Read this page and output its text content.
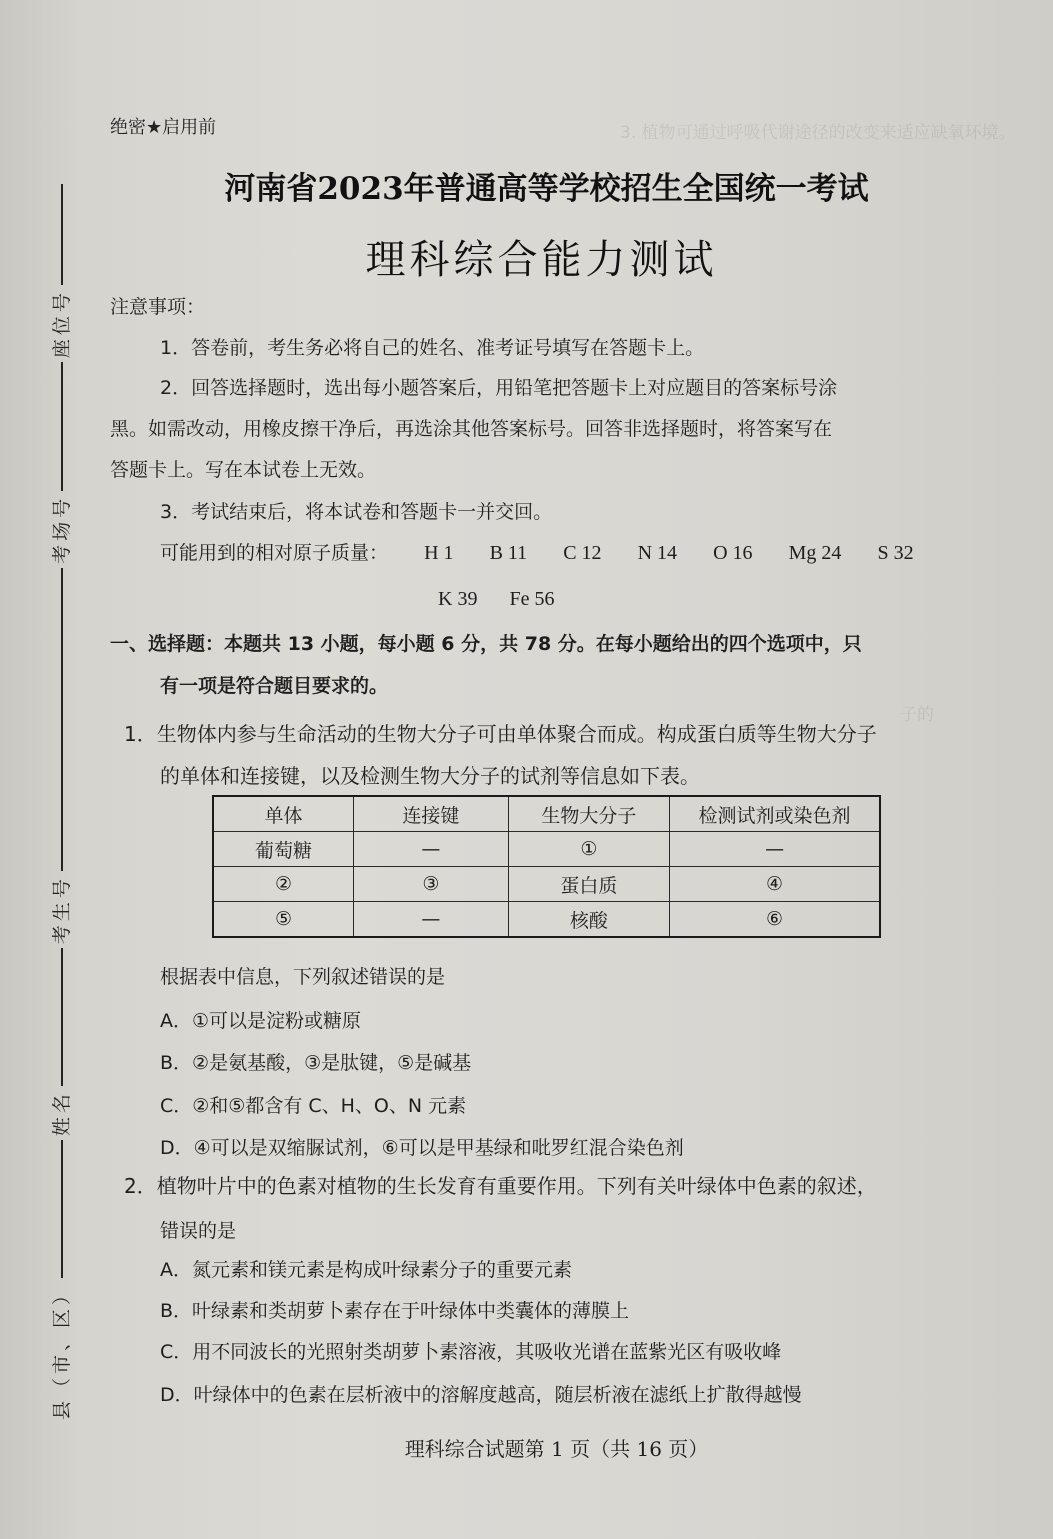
县（市、区）
姓名
考生号
考场号
座位号
3. 植物可通过呼吸代谢途径的改变来适应缺氧环境。
子的
绝密★启用前
河南省2023年普通高等学校招生全国统一考试
理科综合能力测试
注意事项：
1．答卷前，考生务必将自己的姓名、准考证号填写在答题卡上。
2．回答选择题时，选出每小题答案后，用铅笔把答题卡上对应题目的答案标号涂
黑。如需改动，用橡皮擦干净后，再选涂其他答案标号。回答非选择题时，将答案写在
答题卡上。写在本试卷上无效。
3．考试结束后，将本试卷和答题卡一并交回。
可能用到的相对原子质量： H 1 B 11 C 12 N 14 O 16 Mg 24 S 32
K 39 Fe 56
一、选择题：本题共 13 小题，每小题 6 分，共 78 分。在每小题给出的四个选项中，只
有一项是符合题目要求的。
1．生物体内参与生命活动的生物大分子可由单体聚合而成。构成蛋白质等生物大分子
的单体和连接键，以及检测生物大分子的试剂等信息如下表。
单体	连接键	生物大分子	检测试剂或染色剂
葡萄糖	—	①	—
②	③	蛋白质	④
⑤	—	核酸	⑥
根据表中信息，下列叙述错误的是
A．①可以是淀粉或糖原
B．②是氨基酸，③是肽键，⑤是碱基
C．②和⑤都含有 C、H、O、N 元素
D．④可以是双缩脲试剂，⑥可以是甲基绿和吡罗红混合染色剂
2．植物叶片中的色素对植物的生长发育有重要作用。下列有关叶绿体中色素的叙述，
错误的是
A．氮元素和镁元素是构成叶绿素分子的重要元素
B．叶绿素和类胡萝卜素存在于叶绿体中类囊体的薄膜上
C．用不同波长的光照射类胡萝卜素溶液，其吸收光谱在蓝紫光区有吸收峰
D．叶绿体中的色素在层析液中的溶解度越高，随层析液在滤纸上扩散得越慢
理科综合试题第 1 页（共 16 页）
